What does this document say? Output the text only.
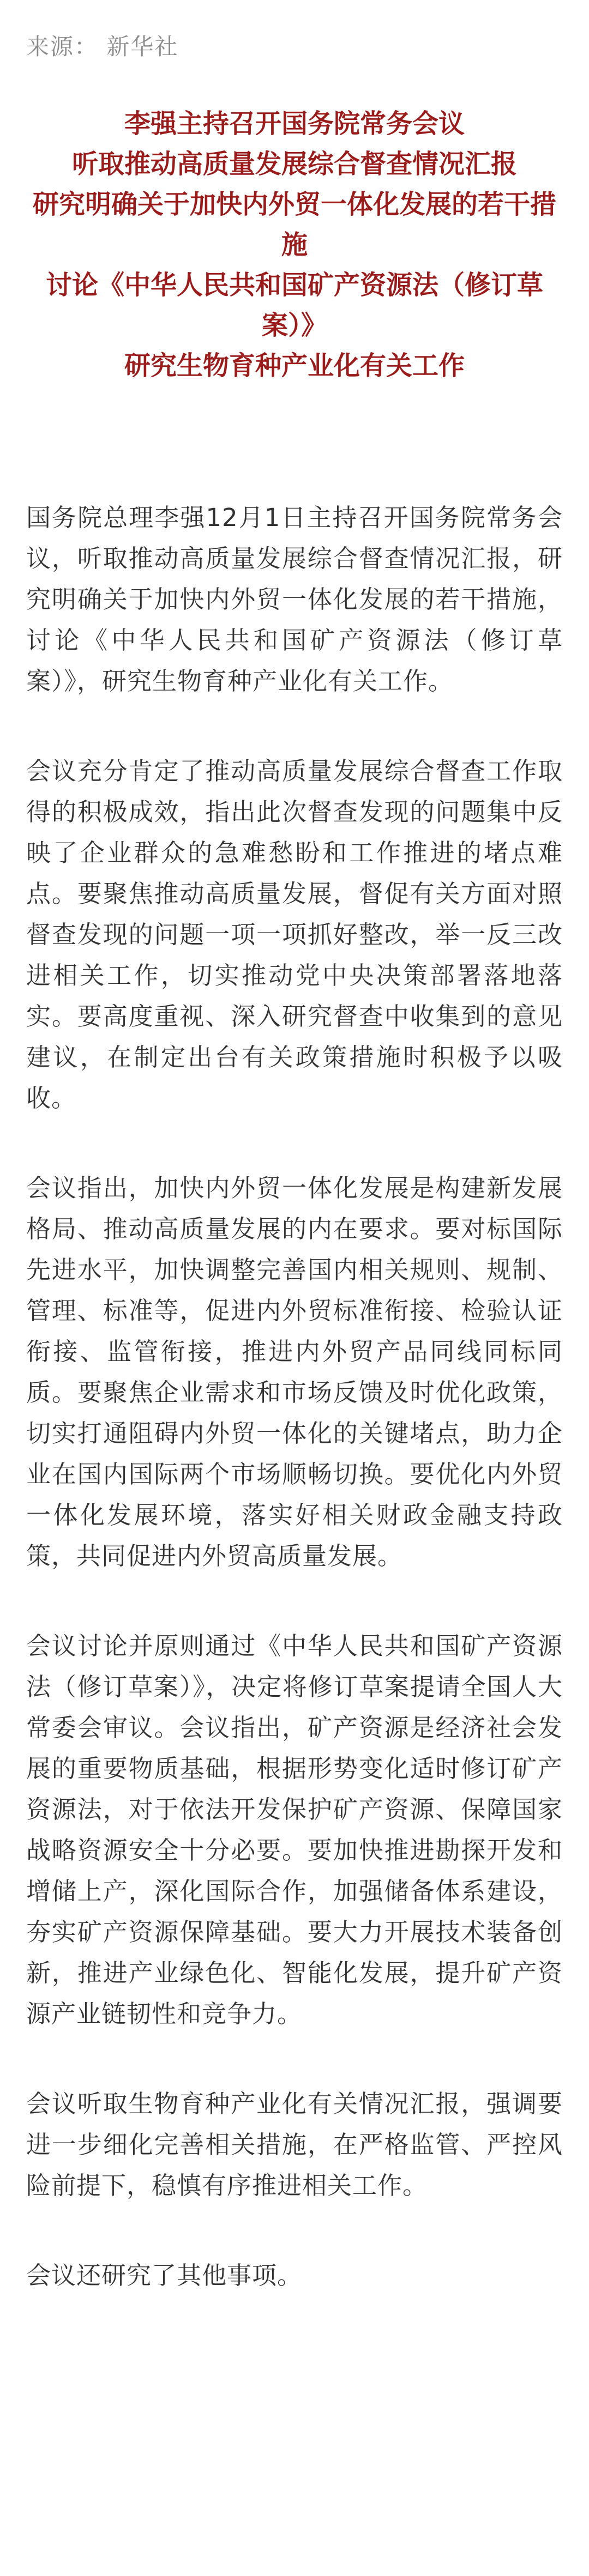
来源： 新华社
李强主持召开国务院常务会议
听取推动高质量发展综合督查情况汇报
研究明确关于加快内外贸一体化发展的若干措施
讨论《中华人民共和国矿产资源法（修订草案）》
研究生物育种产业化有关工作

国务院总理李强12月1日主持召开国务院常务会议，听取推动高质量发展综合督查情况汇报，研究明确关于加快内外贸一体化发展的若干措施，讨论《中华人民共和国矿产资源法（修订草案）》，研究生物育种产业化有关工作。

会议充分肯定了推动高质量发展综合督查工作取得的积极成效，指出此次督查发现的问题集中反映了企业群众的急难愁盼和工作推进的堵点难点。要聚焦推动高质量发展，督促有关方面对照督查发现的问题一项一项抓好整改，举一反三改进相关工作，切实推动党中央决策部署落地落实。要高度重视、深入研究督查中收集到的意见建议，在制定出台有关政策措施时积极予以吸收。

会议指出，加快内外贸一体化发展是构建新发展格局、推动高质量发展的内在要求。要对标国际先进水平，加快调整完善国内相关规则、规制、管理、标准等，促进内外贸标准衔接、检验认证衔接、监管衔接，推进内外贸产品同线同标同质。要聚焦企业需求和市场反馈及时优化政策，切实打通阻碍内外贸一体化的关键堵点，助力企业在国内国际两个市场顺畅切换。要优化内外贸一体化发展环境，落实好相关财政金融支持政策，共同促进内外贸高质量发展。

会议讨论并原则通过《中华人民共和国矿产资源法（修订草案）》，决定将修订草案提请全国人大常委会审议。会议指出，矿产资源是经济社会发展的重要物质基础，根据形势变化适时修订矿产资源法，对于依法开发保护矿产资源、保障国家战略资源安全十分必要。要加快推进勘探开发和增储上产，深化国际合作，加强储备体系建设，夯实矿产资源保障基础。要大力开展技术装备创新，推进产业绿色化、智能化发展，提升矿产资源产业链韧性和竞争力。

会议听取生物育种产业化有关情况汇报，强调要进一步细化完善相关措施，在严格监管、严控风险前提下，稳慎有序推进相关工作。

会议还研究了其他事项。
